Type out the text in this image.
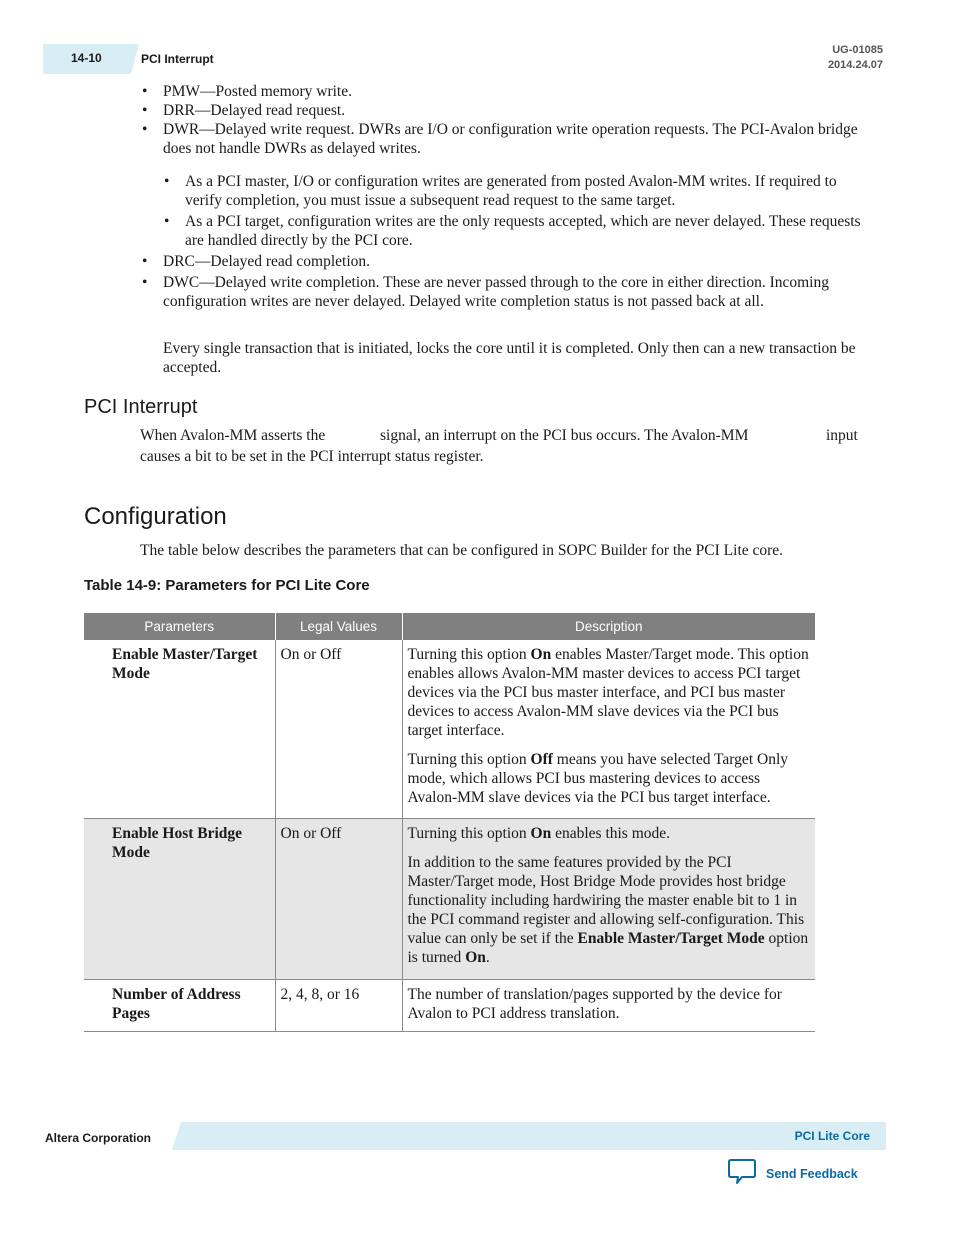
14-10	PCI Interrupt
UG-01085
2014.24.07
• PMW—Posted memory write.
• DRR—Delayed read request.
• DWR—Delayed write request. DWRs are I/O or configuration write operation requests. The PCI-Avalon bridge does not handle DWRs as delayed writes.
• As a PCI master, I/O or configuration writes are generated from posted Avalon-MM writes. If required to verify completion, you must issue a subsequent read request to the same target.
• As a PCI target, configuration writes are the only requests accepted, which are never delayed. These requests are handled directly by the PCI core.
• DRC—Delayed read completion.
• DWC—Delayed write completion. These are never passed through to the core in either direction. Incoming configuration writes are never delayed. Delayed write completion status is not passed back at all.
Every single transaction that is initiated, locks the core until it is completed. Only then can a new transaction be accepted.
PCI Interrupt
When Avalon-MM asserts the	signal, an interrupt on the PCI bus occurs. The Avalon-MM	input
causes a bit to be set in the PCI interrupt status register.
Configuration
The table below describes the parameters that can be configured in SOPC Builder for the PCI Lite core.
Table 14-9: Parameters for PCI Lite Core
Parameters	Legal Values	Description
Enable Master/Target Mode	On or Off	Turning this option On enables Master/Target mode. This option enables allows Avalon-MM master devices to access PCI target devices via the PCI bus master interface, and PCI bus master devices to access Avalon-MM slave devices via the PCI bus target interface.

Turning this option Off means you have selected Target Only mode, which allows PCI bus mastering devices to access Avalon-MM slave devices via the PCI bus target interface.

Enable Host Bridge Mode	On or Off	Turning this option On enables this mode.

In addition to the same features provided by the PCI Master/Target mode, Host Bridge Mode provides host bridge functionality including hardwiring the master enable bit to 1 in the PCI command register and allowing self-configuration. This value can only be set if the Enable Master/Target Mode option is turned On.

Number of Address Pages	2, 4, 8, or 16	The number of translation/pages supported by the device for Avalon to PCI address translation.
Altera Corporation	PCI Lite Core
Send Feedback
